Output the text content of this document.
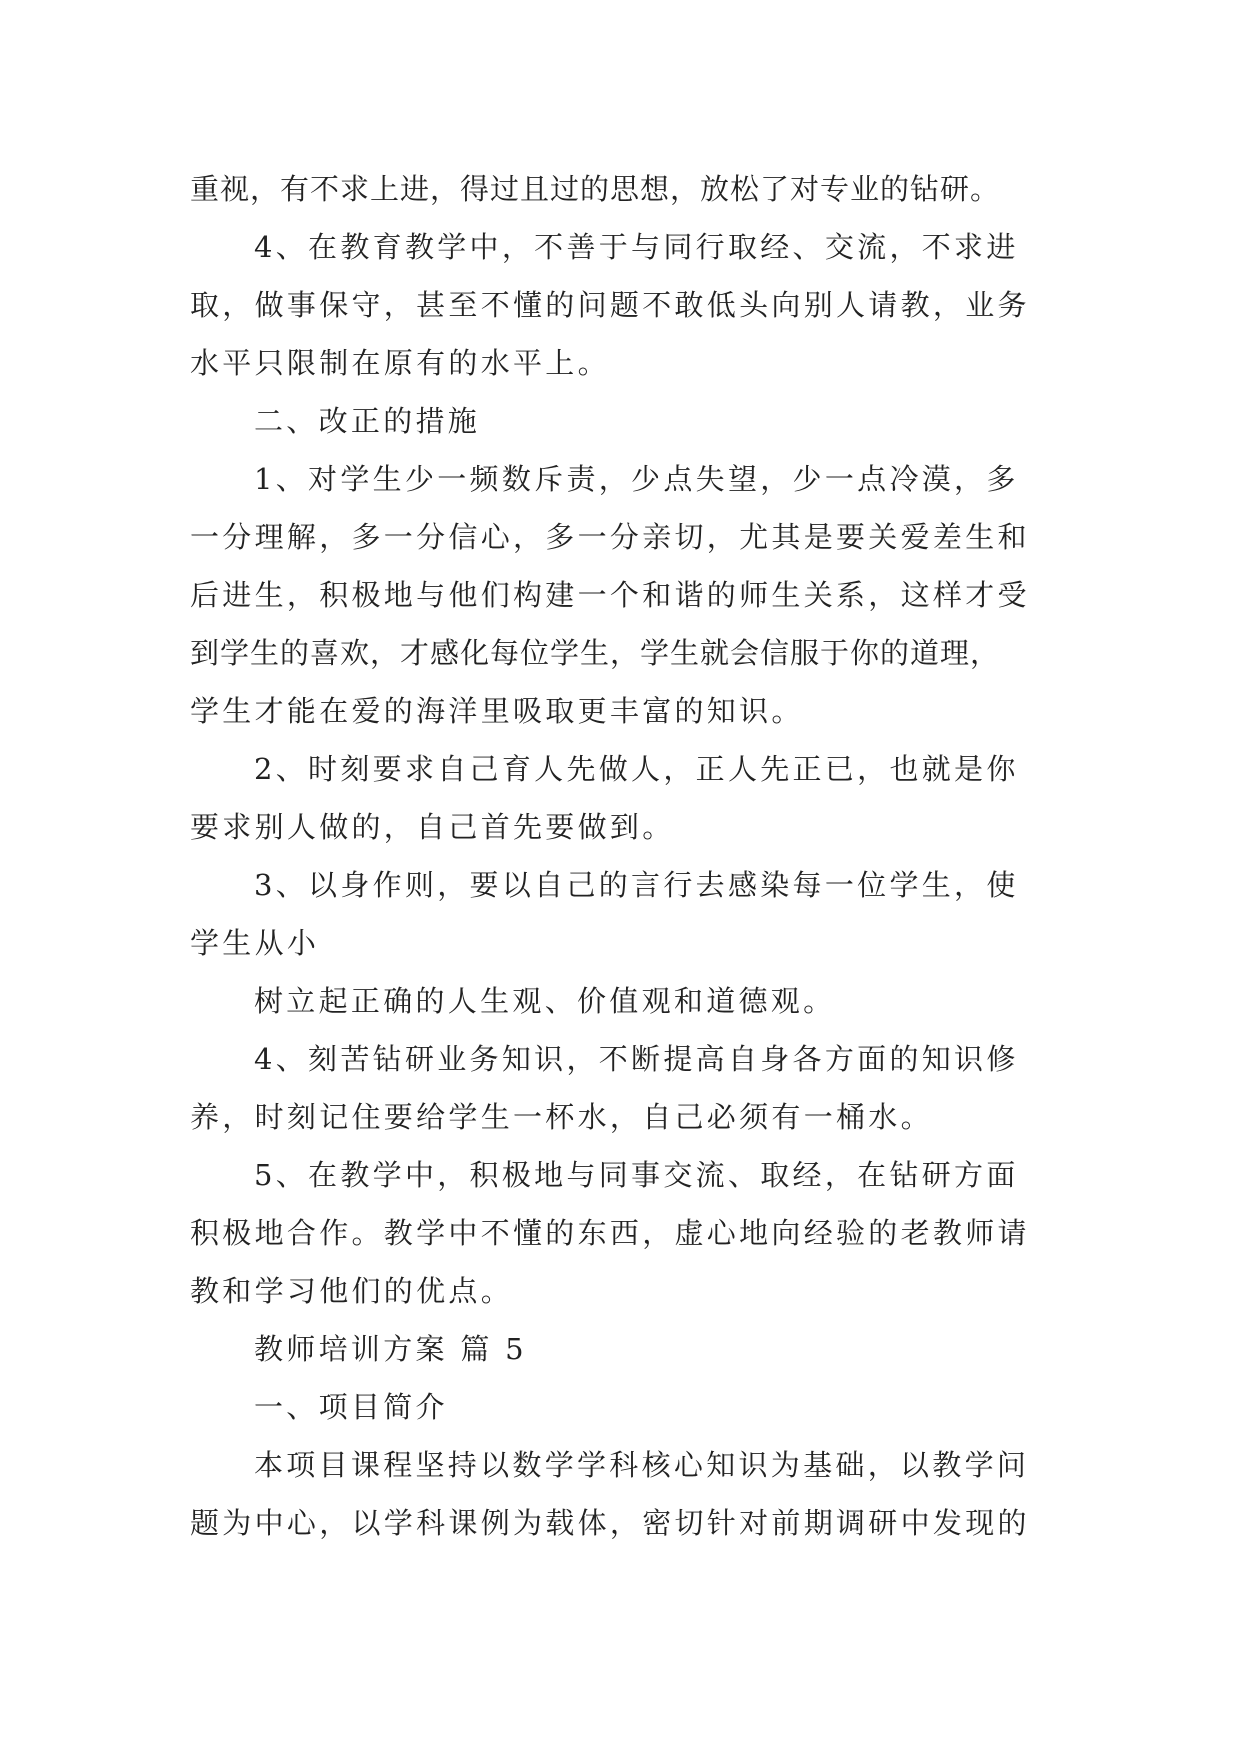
重视，有不求上进，得过且过的思想，放松了对专业的钻研。
4、在教育教学中，不善于与同行取经、交流，不求进
取，做事保守，甚至不懂的问题不敢低头向别人请教，业务
水平只限制在原有的水平上。
二、改正的措施
1、对学生少一频数斥责，少点失望，少一点冷漠，多
一分理解，多一分信心，多一分亲切，尤其是要关爱差生和
后进生，积极地与他们构建一个和谐的师生关系，这样才受
到学生的喜欢，才感化每位学生，学生就会信服于你的道理，
学生才能在爱的海洋里吸取更丰富的知识。
2、时刻要求自己育人先做人，正人先正已，也就是你
要求别人做的，自己首先要做到。
3、以身作则，要以自己的言行去感染每一位学生，使
学生从小
树立起正确的人生观、价值观和道德观。
4、刻苦钻研业务知识，不断提高自身各方面的知识修
养，时刻记住要给学生一杯水，自己必须有一桶水。
5、在教学中，积极地与同事交流、取经，在钻研方面
积极地合作。教学中不懂的东西，虚心地向经验的老教师请
教和学习他们的优点。
教师培训方案 篇 5
一、项目简介
本项目课程坚持以数学学科核心知识为基础，以教学问
题为中心，以学科课例为载体，密切针对前期调研中发现的
